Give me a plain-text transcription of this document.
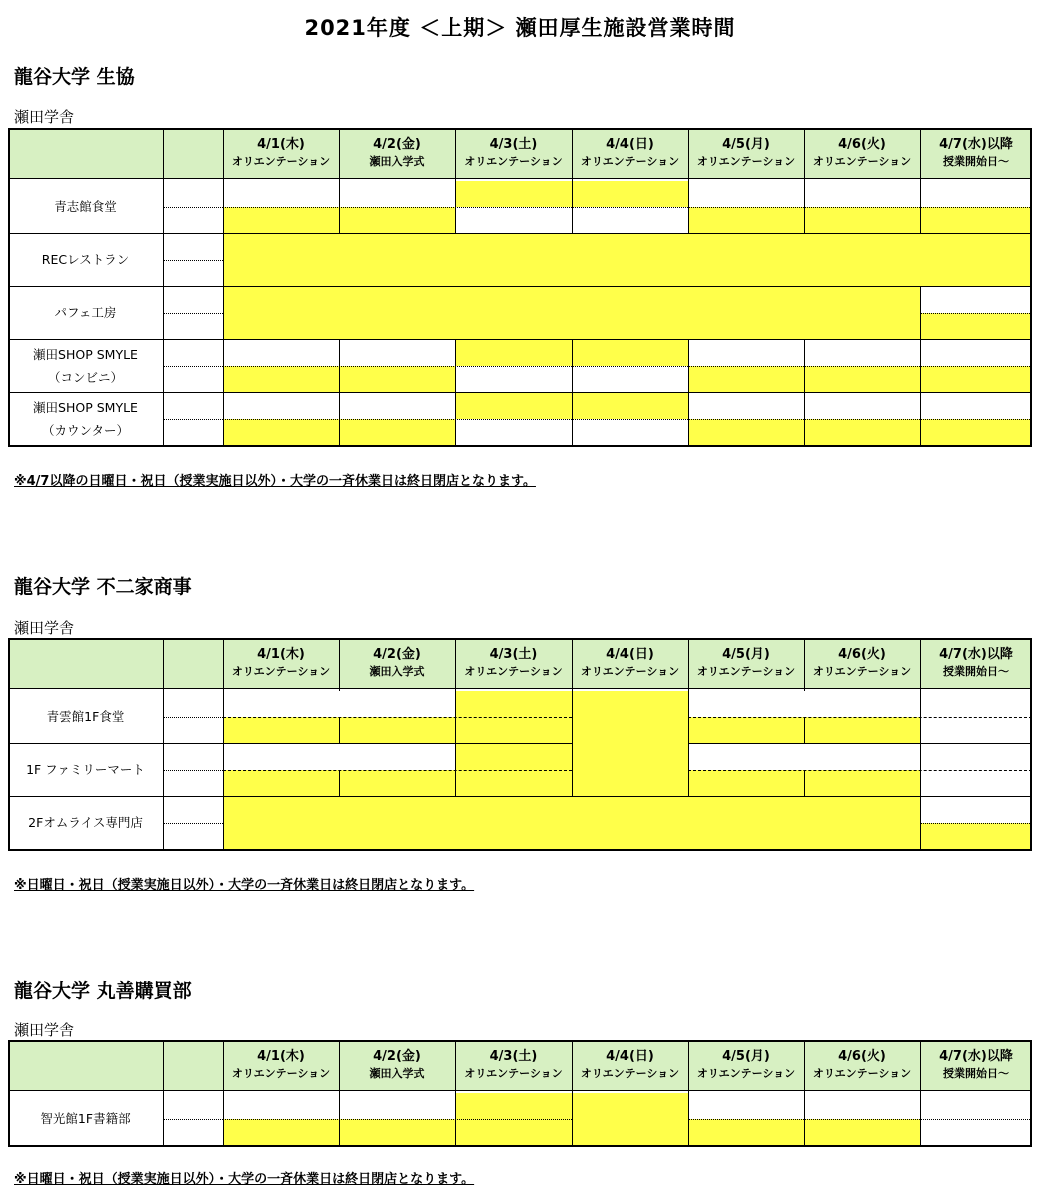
2021年度 ＜上期＞ 瀬田厚生施設営業時間
龍谷大学 生協
瀬田学舎
4/1(木)
オリエンテーション
4/2(金)
瀬田入学式
4/3(土)
オリエンテーション
4/4(日)
オリエンテーション
4/5(月)
オリエンテーション
4/6(火)
オリエンテーション
4/7(水)以降
授業開始日～
青志館食堂
RECレストラン
パフェ工房
瀬田SHOP SMYLE
（コンビニ）
瀬田SHOP SMYLE
（カウンター）
※4/7以降の日曜日・祝日（授業実施日以外）・大学の一斉休業日は終日閉店となります。
龍谷大学 不二家商事
瀬田学舎
4/1(木)
オリエンテーション
4/2(金)
瀬田入学式
4/3(土)
オリエンテーション
4/4(日)
オリエンテーション
4/5(月)
オリエンテーション
4/6(火)
オリエンテーション
4/7(水)以降
授業開始日～
青雲館1F食堂
1F ファミリーマート
2Fオムライス専門店
※日曜日・祝日（授業実施日以外）・大学の一斉休業日は終日閉店となります。
龍谷大学 丸善購買部
瀬田学舎
4/1(木)
オリエンテーション
4/2(金)
瀬田入学式
4/3(土)
オリエンテーション
4/4(日)
オリエンテーション
4/5(月)
オリエンテーション
4/6(火)
オリエンテーション
4/7(水)以降
授業開始日～
智光館1F書籍部
※日曜日・祝日（授業実施日以外）・大学の一斉休業日は終日閉店となります。
